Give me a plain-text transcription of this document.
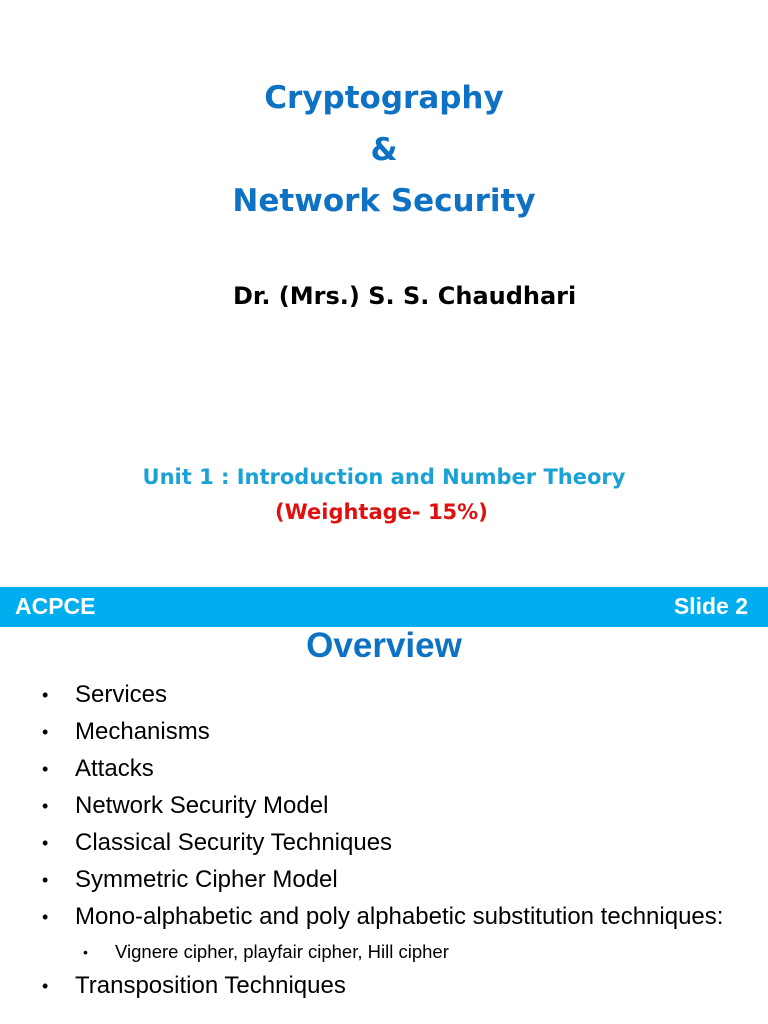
Cryptography
&
Network Security
Dr. (Mrs.) S. S. Chaudhari
Unit 1 : Introduction and Number Theory
(Weightage- 15%)
ACPCE	Slide 2
Overview
• Services
• Mechanisms
• Attacks
• Network Security Model
• Classical Security Techniques
• Symmetric Cipher Model
• Mono-alphabetic and poly alphabetic substitution techniques:
• Vignere cipher, playfair cipher, Hill cipher
• Transposition Techniques
